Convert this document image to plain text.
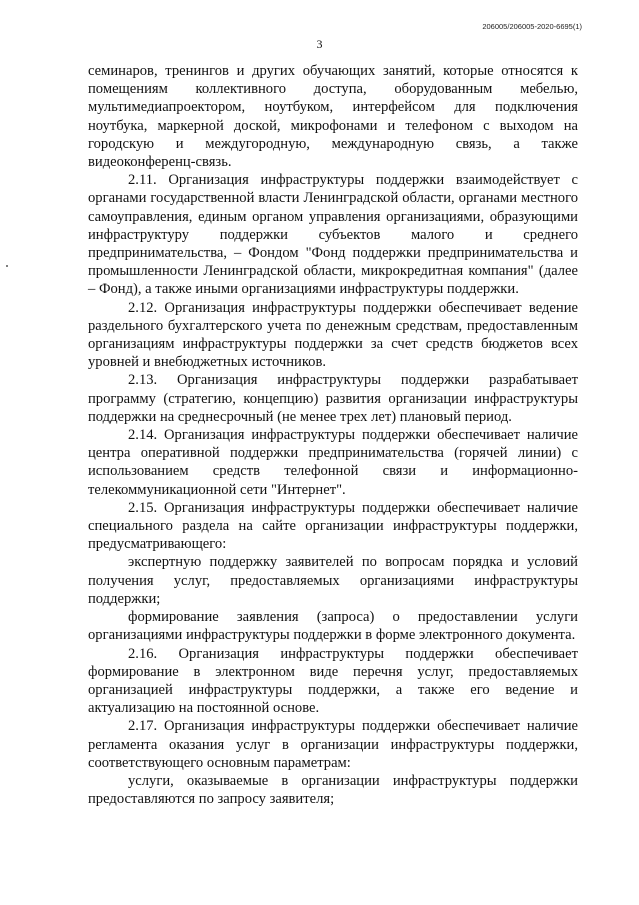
206005/206005-2020-6695(1)
3

семинаров, тренингов и других обучающих занятий, которые относятся к помещениям коллективного доступа, оборудованным мебелью, мультимедиапроектором, ноутбуком, интерфейсом для подключения ноутбука, маркерной доской, микрофонами и телефоном с выходом на городскую и междугородную, международную связь, а также видеоконференц-связь.

2.11. Организация инфраструктуры поддержки взаимодействует с органами государственной власти Ленинградской области, органами местного самоуправления, единым органом управления организациями, образующими инфраструктуру поддержки субъектов малого и среднего предпринимательства, – Фондом "Фонд поддержки предпринимательства и промышленности Ленинградской области, микрокредитная компания" (далее – Фонд), а также иными организациями инфраструктуры поддержки.

2.12. Организация инфраструктуры поддержки обеспечивает ведение раздельного бухгалтерского учета по денежным средствам, предоставленным организациям инфраструктуры поддержки за счет средств бюджетов всех уровней и внебюджетных источников.

2.13. Организация инфраструктуры поддержки разрабатывает программу (стратегию, концепцию) развития организации инфраструктуры поддержки на среднесрочный (не менее трех лет) плановый период.

2.14. Организация инфраструктуры поддержки обеспечивает наличие центра оперативной поддержки предпринимательства (горячей линии) с использованием средств телефонной связи и информационно-телекоммуникационной сети "Интернет".

2.15. Организация инфраструктуры поддержки обеспечивает наличие специального раздела на сайте организации инфраструктуры поддержки, предусматривающего:

экспертную поддержку заявителей по вопросам порядка и условий получения услуг, предоставляемых организациями инфраструктуры поддержки;

формирование заявления (запроса) о предоставлении услуги организациями инфраструктуры поддержки в форме электронного документа.

2.16. Организация инфраструктуры поддержки обеспечивает формирование в электронном виде перечня услуг, предоставляемых организацией инфраструктуры поддержки, а также его ведение и актуализацию на постоянной основе.

2.17. Организация инфраструктуры поддержки обеспечивает наличие регламента оказания услуг в организации инфраструктуры поддержки, соответствующего основным параметрам:

услуги, оказываемые в организации инфраструктуры поддержки предоставляются по запросу заявителя;
